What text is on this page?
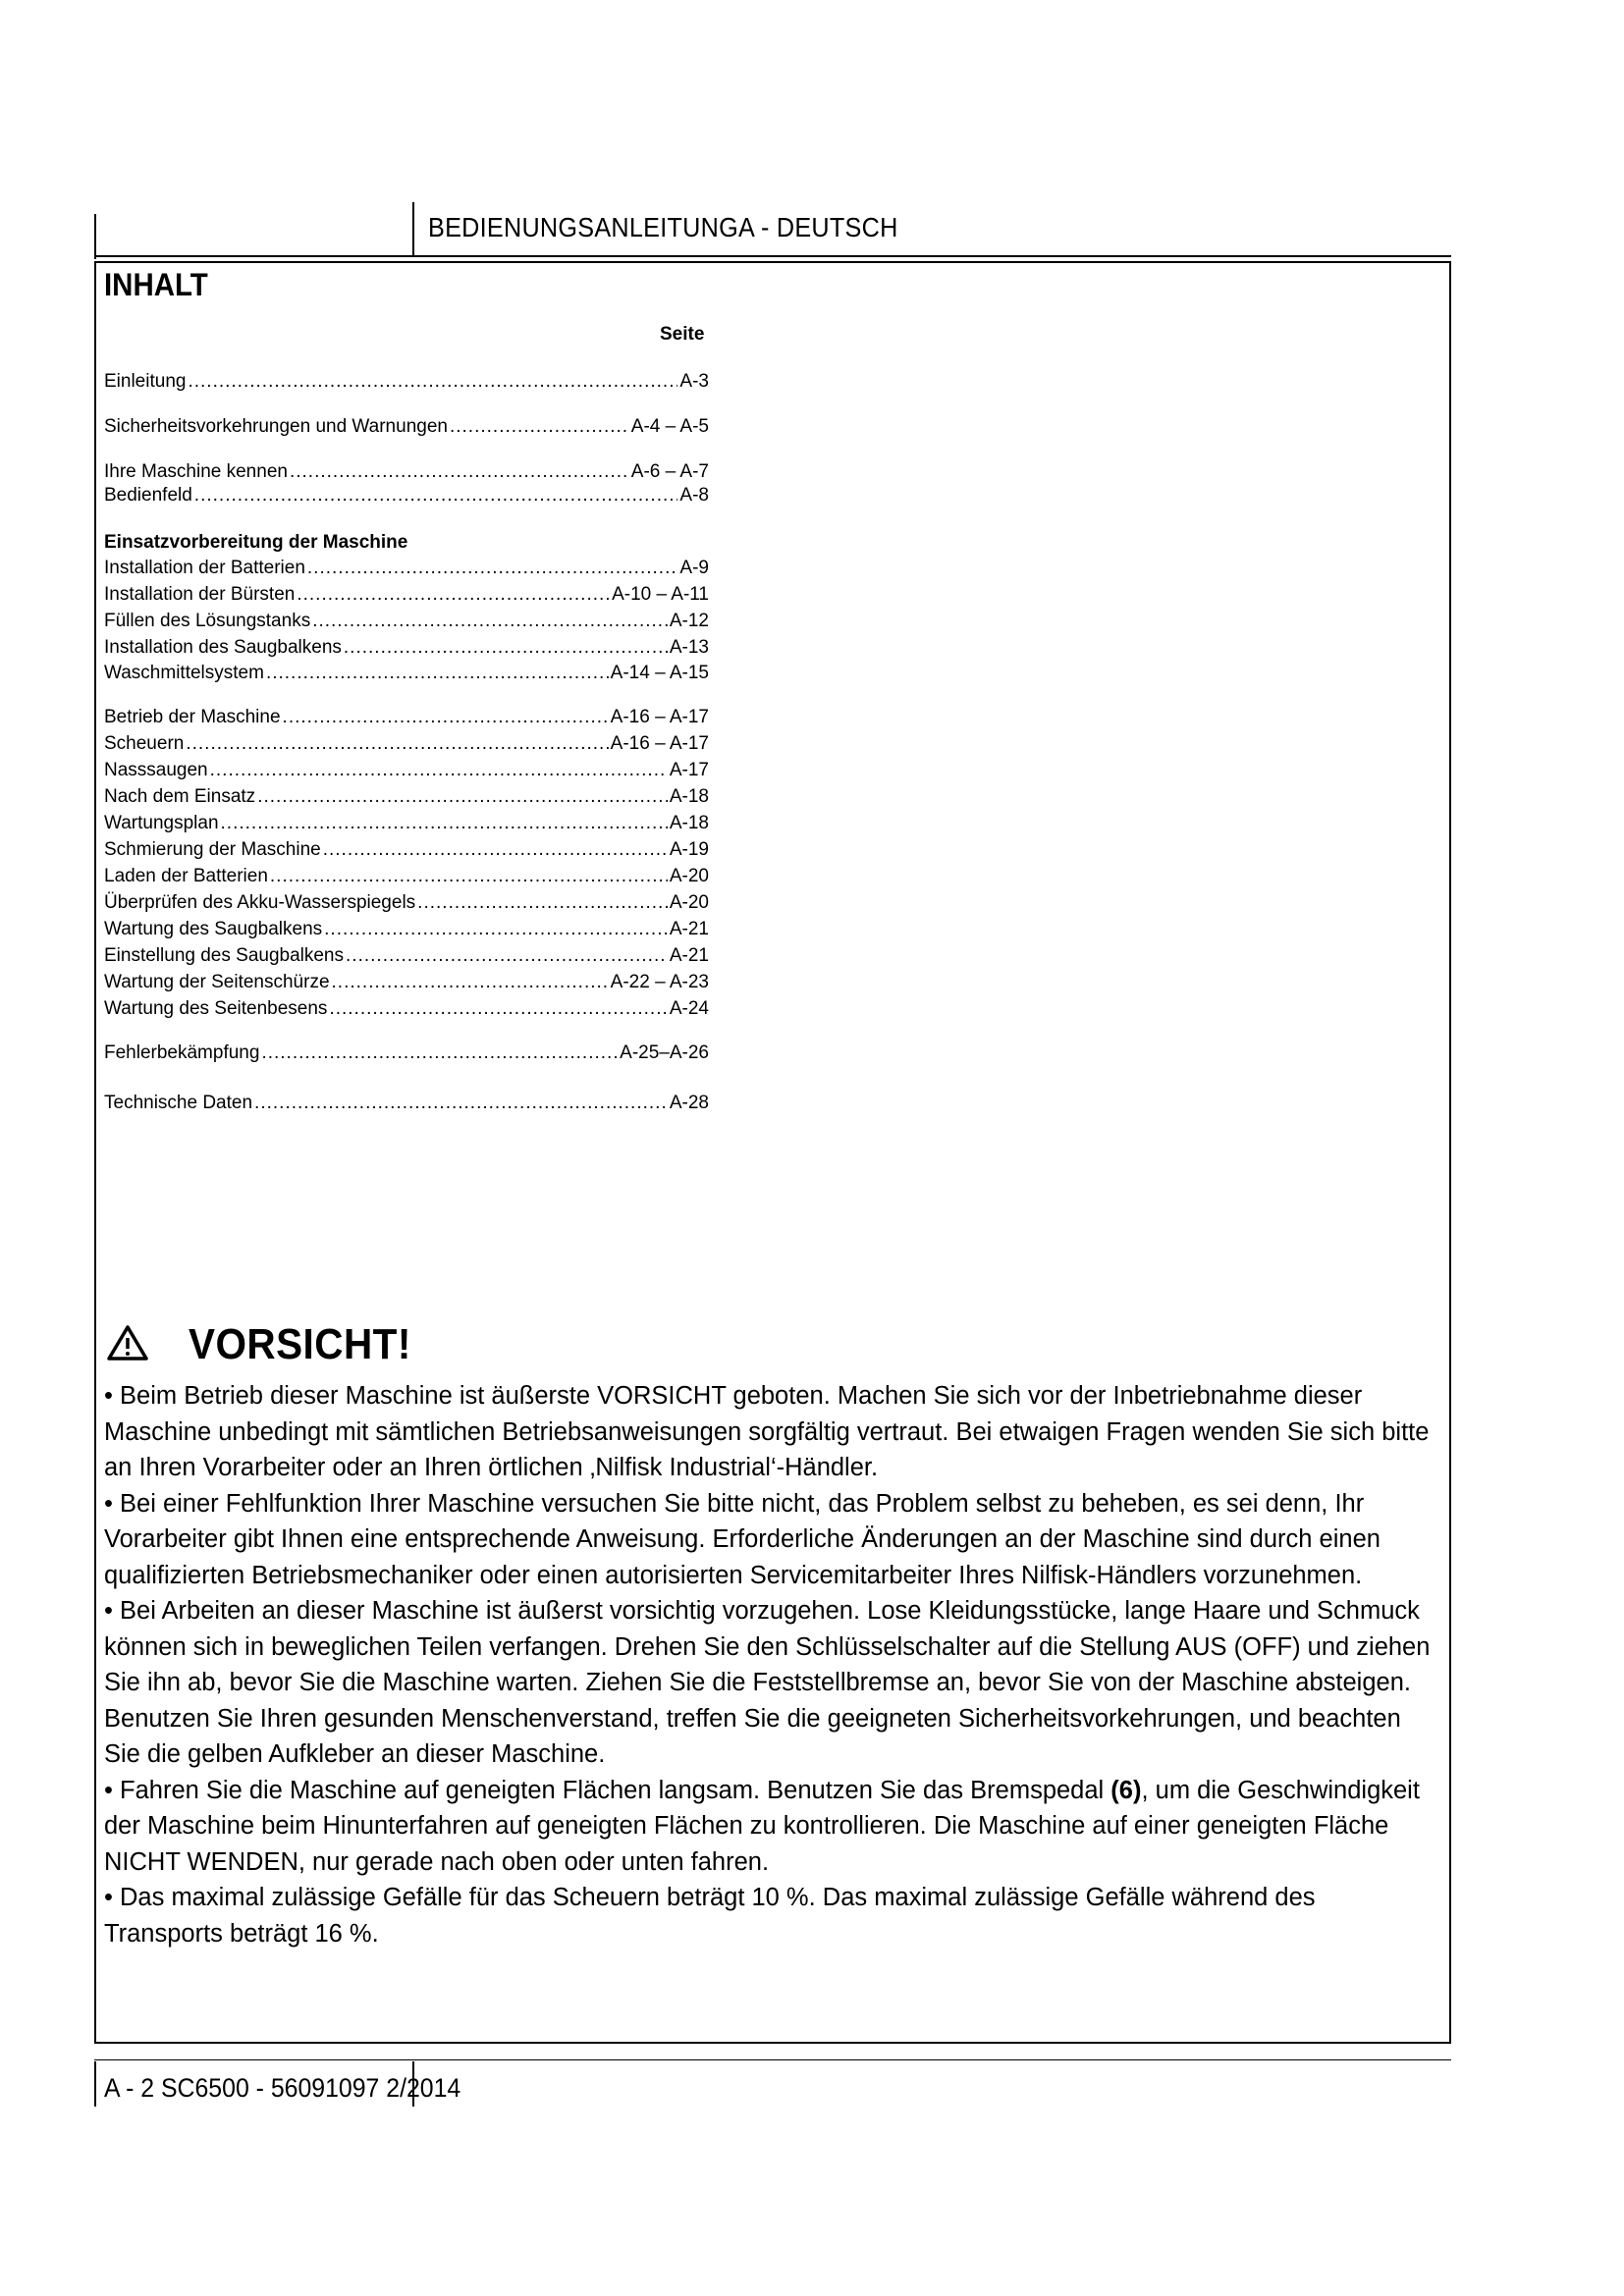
BEDIENUNGSANLEITUNGA - DEUTSCH
INHALT
Seite
Einleitung .....	A-3
Sicherheitsvorkehrungen und Warnungen .....	A-4 – A-5
Ihre Maschine kennen .....	A-6 – A-7
Bedienfeld .....	A-8
Einsatzvorbereitung der Maschine
Installation der Batterien .....	A-9
Installation der Bürsten .....	A-10 – A-11
Füllen des Lösungstanks .....	A-12
Installation des Saugbalkens .....	A-13
Waschmittelsystem .....	A-14 – A-15
Betrieb der Maschine .....	A-16 – A-17
Scheuern .....	A-16 – A-17
Nasssaugen .....	A-17
Nach dem Einsatz .....	A-18
Wartungsplan .....	A-18
Schmierung der Maschine .....	A-19
Laden der Batterien .....	A-20
Überprüfen des Akku-Wasserspiegels .....	A-20
Wartung des Saugbalkens .....	A-21
Einstellung des Saugbalkens .....	A-21
Wartung der Seitenschürze .....	A-22 – A-23
Wartung des Seitenbesens .....	A-24
Fehlerbekämpfung .....	A-25–A-26
Technische Daten .....	A-28
VORSICHT!

• Beim Betrieb dieser Maschine ist äußerste VORSICHT geboten. Machen Sie sich vor der Inbetriebnahme dieser Maschine unbedingt mit sämtlichen Betriebsanweisungen sorgfältig vertraut. Bei etwaigen Fragen wenden Sie sich bitte an Ihren Vorarbeiter oder an Ihren örtlichen ‚Nilfisk Industrial‘-Händler.

• Bei einer Fehlfunktion Ihrer Maschine versuchen Sie bitte nicht, das Problem selbst zu beheben, es sei denn, Ihr Vorarbeiter gibt Ihnen eine entsprechende Anweisung. Erforderliche Änderungen an der Maschine sind durch einen qualifizierten Betriebsmechaniker oder einen autorisierten Servicemitarbeiter Ihres Nilfisk-Händlers vorzunehmen.

• Bei Arbeiten an dieser Maschine ist äußerst vorsichtig vorzugehen. Lose Kleidungsstücke, lange Haare und Schmuck können sich in beweglichen Teilen verfangen. Drehen Sie den Schlüsselschalter auf die Stellung AUS (OFF) und ziehen Sie ihn ab, bevor Sie die Maschine warten. Ziehen Sie die Feststellbremse an, bevor Sie von der Maschine absteigen. Benutzen Sie Ihren gesunden Menschenverstand, treffen Sie die geeigneten Sicherheitsvorkehrungen, und beachten Sie die gelben Aufkleber an dieser Maschine.

• Fahren Sie die Maschine auf geneigten Flächen langsam. Benutzen Sie das Bremspedal (6), um die Geschwindigkeit der Maschine beim Hinunterfahren auf geneigten Flächen zu kontrollieren. Die Maschine auf einer geneigten Fläche NICHT WENDEN, nur gerade nach oben oder unten fahren.

• Das maximal zulässige Gefälle für das Scheuern beträgt 10 %. Das maximal zulässige Gefälle während des Transports beträgt 16 %.

A - 2 SC6500 - 56091097 2/2014
